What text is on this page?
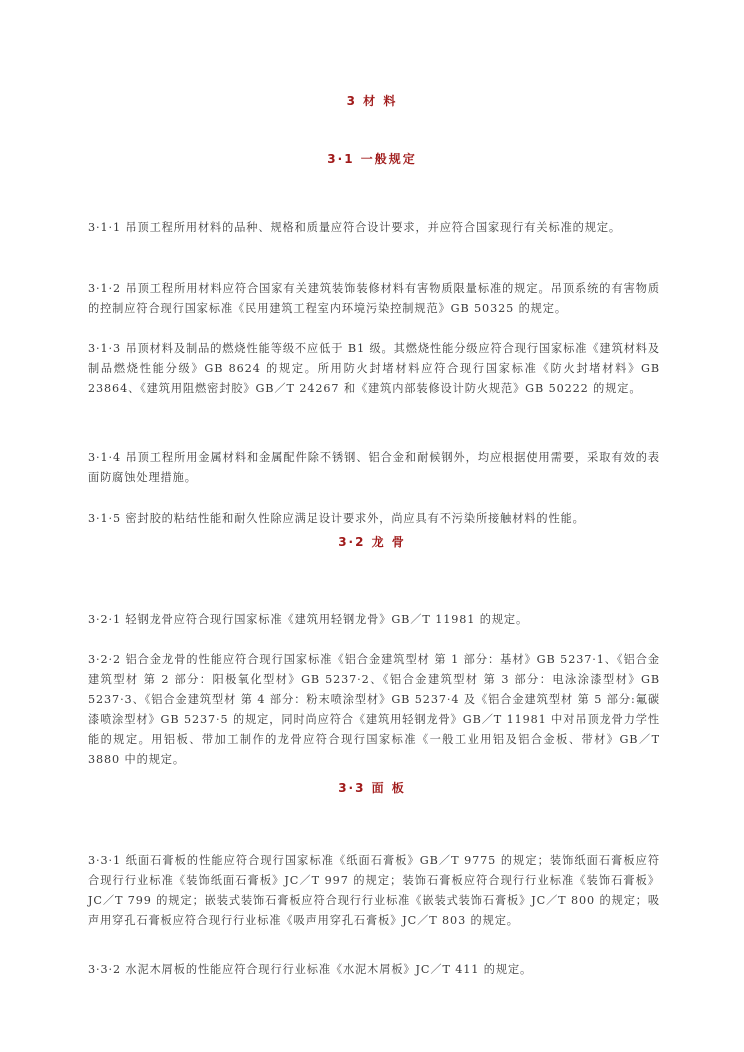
3 材 料
3·1 一般规定

3·1·1 吊顶工程所用材料的品种、规格和质量应符合设计要求，并应符合国家现行有关标准的规定。

3·1·2 吊顶工程所用材料应符合国家有关建筑装饰装修材料有害物质限量标准的规定。吊顶系统的有害物质的控制应符合现行国家标准《民用建筑工程室内环境污染控制规范》GB 50325 的规定。

3·1·3 吊顶材料及制品的燃烧性能等级不应低于 B1 级。其燃烧性能分级应符合现行国家标准《建筑材料及制品燃烧性能分级》GB 8624 的规定。所用防火封堵材料应符合现行国家标准《防火封堵材料》GB 23864、《建筑用阻燃密封胶》GB／T 24267 和《建筑内部装修设计防火规范》GB 50222 的规定。

3·1·4 吊顶工程所用金属材料和金属配件除不锈钢、铝合金和耐候钢外，均应根据使用需要，采取有效的表面防腐蚀处理措施。

3·1·5 密封胶的粘结性能和耐久性除应满足设计要求外，尚应具有不污染所接触材料的性能。

3·2 龙 骨

3·2·1 轻钢龙骨应符合现行国家标准《建筑用轻钢龙骨》GB／T 11981 的规定。

3·2·2 铝合金龙骨的性能应符合现行国家标准《铝合金建筑型材 第 1 部分：基材》GB 5237·1、《铝合金建筑型材 第 2 部分：阳极氧化型材》GB 5237·2、《铝合金建筑型材 第 3 部分：电泳涂漆型材》GB 5237·3、《铝合金建筑型材 第 4 部分：粉末喷涂型材》GB 5237·4 及《铝合金建筑型材 第 5 部分:氟碳漆喷涂型材》GB 5237·5 的规定，同时尚应符合《建筑用轻钢龙骨》GB／T 11981 中对吊顶龙骨力学性能的规定。用铝板、带加工制作的龙骨应符合现行国家标准《一般工业用铝及铝合金板、带材》GB／T 3880 中的规定。

3·3 面 板

3·3·1 纸面石膏板的性能应符合现行国家标准《纸面石膏板》GB／T 9775 的规定；装饰纸面石膏板应符合现行行业标准《装饰纸面石膏板》JC／T 997 的规定；装饰石膏板应符合现行行业标准《装饰石膏板》JC／T 799 的规定；嵌装式装饰石膏板应符合现行行业标准《嵌装式装饰石膏板》JC／T 800 的规定；吸声用穿孔石膏板应符合现行行业标准《吸声用穿孔石膏板》JC／T 803 的规定。

3·3·2 水泥木屑板的性能应符合现行行业标准《水泥木屑板》JC／T 411 的规定。
